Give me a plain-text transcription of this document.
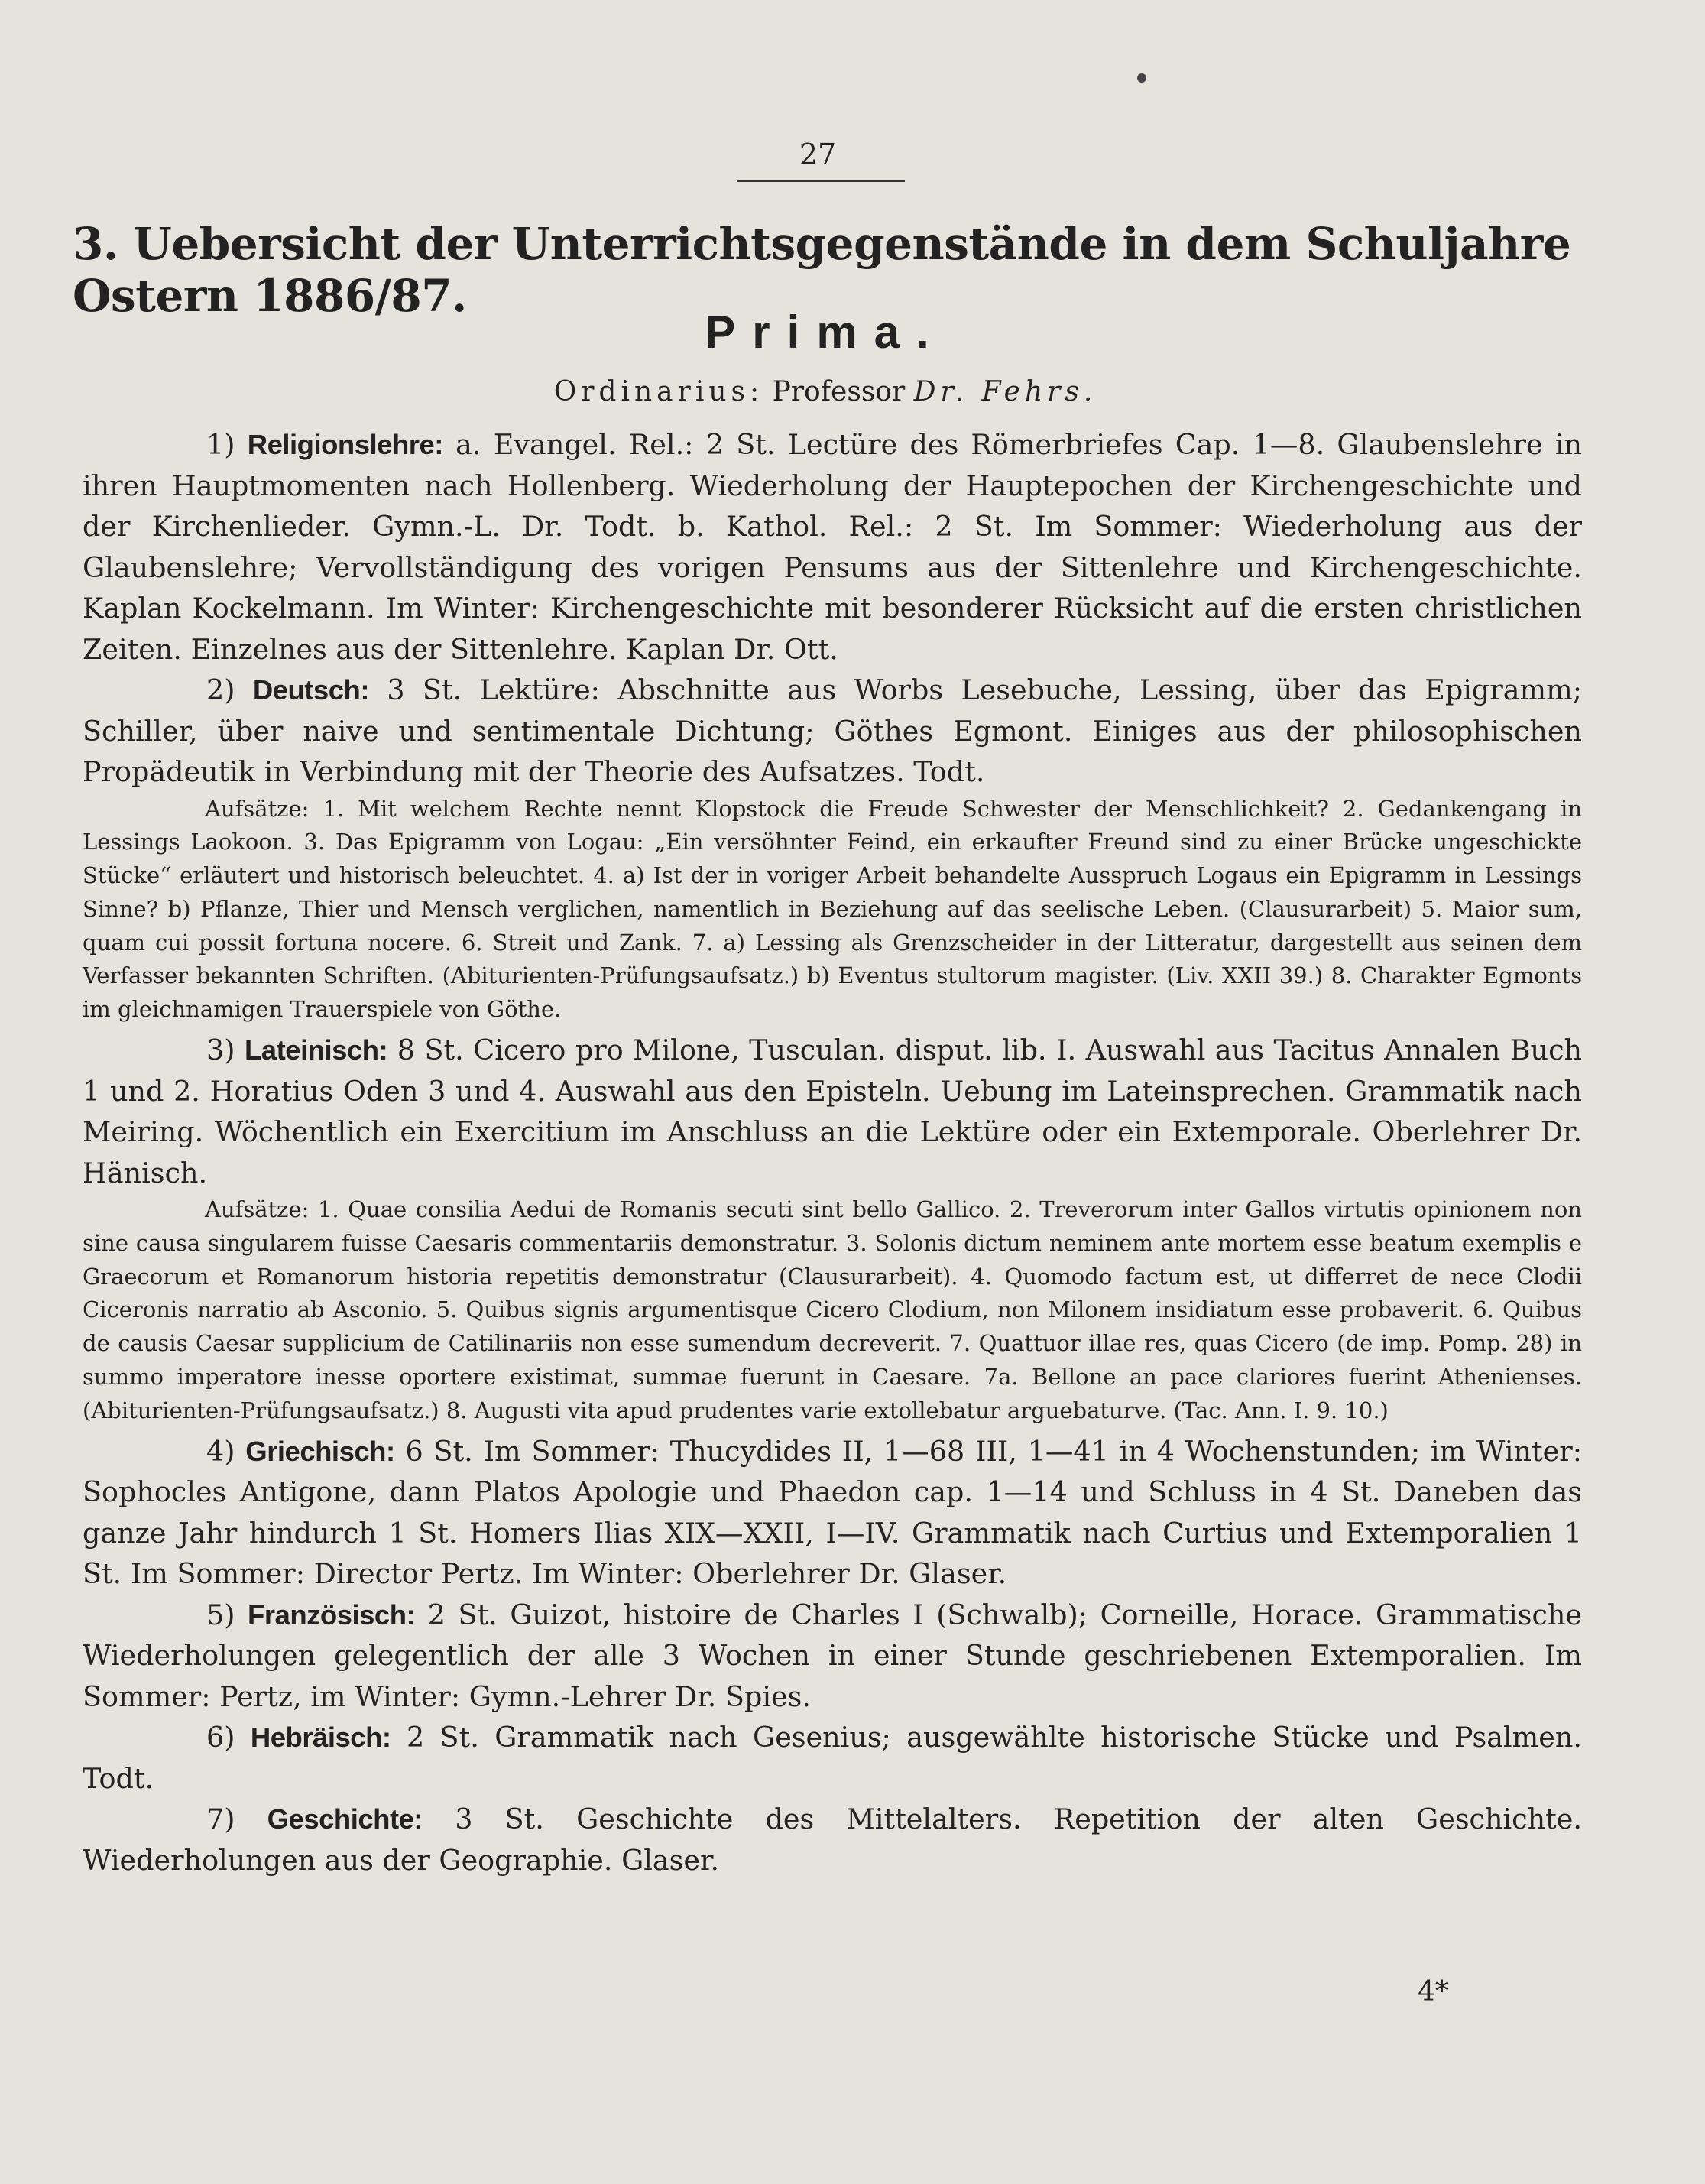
27
3. Uebersicht der Unterrichtsgegenstände in dem Schuljahre Ostern 1886/87.
Prima.
Ordinarius: Professor Dr. Fehrs.

1) Religionslehre: a. Evangel. Rel.: 2 St. Lectüre des Römerbriefes Cap. 1—8. Glaubenslehre in ihren Hauptmomenten nach Hollenberg. Wiederholung der Hauptepochen der Kirchengeschichte und der Kirchenlieder. Gymn.-L. Dr. Todt. b. Kathol. Rel.: 2 St. Im Sommer: Wiederholung aus der Glaubenslehre; Vervollständigung des vorigen Pensums aus der Sittenlehre und Kirchengeschichte. Kaplan Kockelmann. Im Winter: Kirchengeschichte mit besonderer Rücksicht auf die ersten christlichen Zeiten. Einzelnes aus der Sittenlehre. Kaplan Dr. Ott.

2) Deutsch: 3 St. Lektüre: Abschnitte aus Worbs Lesebuche, Lessing, über das Epigramm; Schiller, über naive und sentimentale Dichtung; Göthes Egmont. Einiges aus der philosophischen Propädeutik in Verbindung mit der Theorie des Aufsatzes. Todt.

Aufsätze: 1. Mit welchem Rechte nennt Klopstock die Freude Schwester der Menschlichkeit? 2. Gedankengang in Lessings Laokoon. 3. Das Epigramm von Logau: „Ein versöhnter Feind, ein erkaufter Freund sind zu einer Brücke ungeschickte Stücke“ erläutert und historisch beleuchtet. 4. a) Ist der in voriger Arbeit behandelte Ausspruch Logaus ein Epigramm in Lessings Sinne? b) Pflanze, Thier und Mensch verglichen, namentlich in Beziehung auf das seelische Leben. (Clausurarbeit) 5. Maior sum, quam cui possit fortuna nocere. 6. Streit und Zank. 7. a) Lessing als Grenzscheider in der Litteratur, dargestellt aus seinen dem Verfasser bekannten Schriften. (Abiturienten-Prüfungsaufsatz.) b) Eventus stultorum magister. (Liv. XXII 39.) 8. Charakter Egmonts im gleichnamigen Trauerspiele von Göthe.

3) Lateinisch: 8 St. Cicero pro Milone, Tusculan. disput. lib. I. Auswahl aus Tacitus Annalen Buch 1 und 2. Horatius Oden 3 und 4. Auswahl aus den Episteln. Uebung im Lateinsprechen. Grammatik nach Meiring. Wöchentlich ein Exercitium im Anschluss an die Lektüre oder ein Extemporale. Oberlehrer Dr. Hänisch.

Aufsätze: 1. Quae consilia Aedui de Romanis secuti sint bello Gallico. 2. Treverorum inter Gallos virtutis opinionem non sine causa singularem fuisse Caesaris commentariis demonstratur. 3. Solonis dictum neminem ante mortem esse beatum exemplis e Graecorum et Romanorum historia repetitis demonstratur (Clausurarbeit). 4. Quomodo factum est, ut differret de nece Clodii Ciceronis narratio ab Asconio. 5. Quibus signis argumentisque Cicero Clodium, non Milonem insidiatum esse probaverit. 6. Quibus de causis Caesar supplicium de Catilinariis non esse sumendum decreverit. 7. Quattuor illae res, quas Cicero (de imp. Pomp. 28) in summo imperatore inesse oportere existimat, summae fuerunt in Caesare. 7a. Bellone an pace clariores fuerint Athenienses. (Abiturienten-Prüfungsaufsatz.) 8. Augusti vita apud prudentes varie extollebatur arguebaturve. (Tac. Ann. I. 9. 10.)

4) Griechisch: 6 St. Im Sommer: Thucydides II, 1—68 III, 1—41 in 4 Wochenstunden; im Winter: Sophocles Antigone, dann Platos Apologie und Phaedon cap. 1—14 und Schluss in 4 St. Daneben das ganze Jahr hindurch 1 St. Homers Ilias XIX—XXII, I—IV. Grammatik nach Curtius und Extemporalien 1 St. Im Sommer: Director Pertz. Im Winter: Oberlehrer Dr. Glaser.

5) Französisch: 2 St. Guizot, histoire de Charles I (Schwalb); Corneille, Horace. Grammatische Wiederholungen gelegentlich der alle 3 Wochen in einer Stunde geschriebenen Extemporalien. Im Sommer: Pertz, im Winter: Gymn.-Lehrer Dr. Spies.

6) Hebräisch: 2 St. Grammatik nach Gesenius; ausgewählte historische Stücke und Psalmen. Todt.

7) Geschichte: 3 St. Geschichte des Mittelalters. Repetition der alten Geschichte. Wiederholungen aus der Geographie. Glaser.

4*
